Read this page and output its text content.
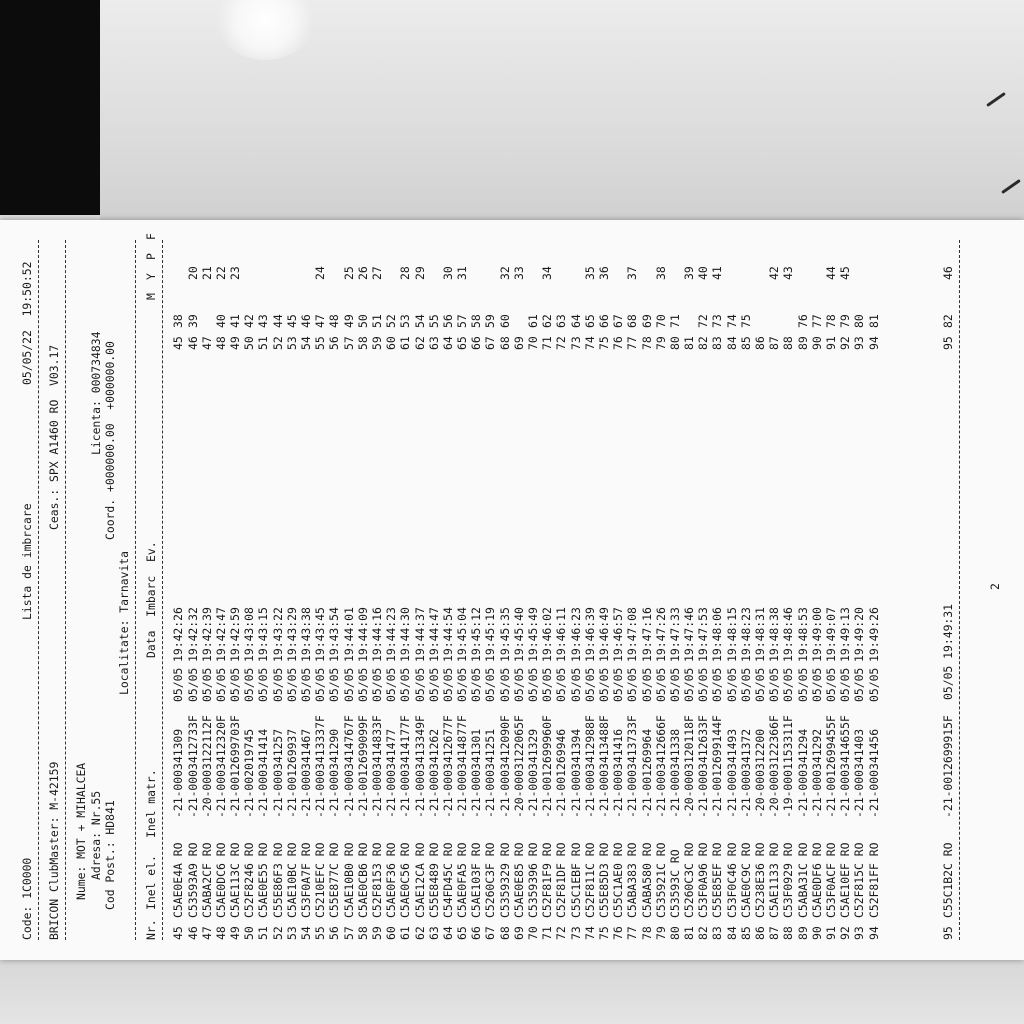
Code: 1C0000

Lista de imbrcare

05/05/22  19:50:52

BRICON ClubMaster: M-42159

Ceas.: SPX A1460 RO  V03.17

Nume: MOT + MIHALCEA

Adresa: Nr.55

Licenta: 000734834

Cod Post.: HD841

Coord. +000000.00  +000000.00

Localitate: Tarnavita

Nr.

Inel el.

Inel matr.

Data  Imbarc

Ev.

M

Y

P

F

45
C5AE0E4A RO
-21-000341309
05/05
19:42:26
45
38
46
C53593A9 RO
-21-0003412733F
05/05
19:42:32
46
39
20
47
C5ABA2CF RO
-20-0003122112F
05/05
19:42:39
47
21
48
C5AE0DC6 RO
-21-0003412320F
05/05
19:42:47
48
40
22
49
C5AE113C RO
-21-0012699703F
05/05
19:42:59
49
41
23
50
C52F8246 RO
-21-002019745
05/05
19:43:08
50
42
51
C5AE0E55 RO
-21-000341414
05/05
19:43:15
51
43
52
C55E86F3 RO
-21-000341257
05/05
19:43:22
52
44
53
C5AE10BC RO
-21-001269937
05/05
19:43:29
53
45
54
C53F0A7F RO
-21-000341467
05/05
19:43:38
54
46
55
C5210EFC RO
-21-0003413337F
05/05
19:43:45
55
47
24
56
C55E877C RO
-21-000341290
05/05
19:43:54
56
48
57
C5AE10B0 RO
-21-0003414767F
05/05
19:44:01
57
49
25
58
C5AE0CB6 RO
-21-0012699099F
05/05
19:44:09
58
50
26
59
C52F8153 RO
-21-0003414833F
05/05
19:44:16
59
51
27
60
C5AE0F36 RO
-21-000341477
05/05
19:44:23
60
52
61
C5AE0C56 RO
-21-0003414177F
05/05
19:44:30
61
53
28
62
C5AE12CA RO
-21-0003413349F
05/05
19:44:37
62
54
29
63
C55E8489 RO
-21-000341262
05/05
19:44:47
63
55
64
C54FD45C RO
-21-0003412677F
05/05
19:44:54
64
56
30
65
C5AE0FA5 RO
-21-0003414877F
05/05
19:45:04
65
57
31
66
C5AE103F RO
-21-000341301
05/05
19:45:12
66
58
67
C5260C3F RO
-21-000341251
05/05
19:45:19
67
59
68
C5359329 RO
-21-0003412090F
05/05
19:45:35
68
60
32
69
C5AE0E85 RO
-20-0003122065F
05/05
19:45:40
69
33
70
C5359396 RO
-21-000341329
05/05
19:45:49
70
61
71
C52F81F9 RO
-21-0012699960F
05/05
19:46:02
71
62
34
72
C52F81DF RO
-21-001269946
05/05
19:46:11
72
63
73
C55C1EBF RO
-21-000341394
05/05
19:46:23
73
64
74
C52F811C RO
-21-0003412988F
05/05
19:46:39
74
65
35
75
C55E85D3 RO
-21-0003413488F
05/05
19:46:49
75
66
36
76
C55C1AE0 RO
-21-000341416
05/05
19:46:57
76
67
77
C5ABA383 RO
-21-0003413733F
05/05
19:47:08
77
68
37
78
C5ABA580 RO
-21-001269964
05/05
19:47:16
78
69
79
C535921C RO
-21-0003412666F
05/05
19:47:26
79
70
38
80
C53593C RO
-21-000341338
05/05
19:47:33
80
71
81
C5260C3C RO
-20-0003120118F
05/05
19:47:46
81
39
82
C53F0A96 RO
-21-0003412633F
05/05
19:47:53
82
72
40
83
C55E85EF RO
-21-0012699144F
05/05
19:48:06
83
73
41
84
C53F0C46 RO
-21-000341493
05/05
19:48:15
84
74
85
C5AE0C9C RO
-21-000341372
05/05
19:48:23
85
75
86
C5238E36 RO
-20-000312200
05/05
19:48:31
86
87
C5AE1133 RO
-20-0003122366F
05/05
19:48:38
87
42
88
C53F0929 RO
-19-0001153311F
05/05
19:48:46
88
43
89
C5ABA31C RO
-21-000341294
05/05
19:48:53
89
76
90
C5AE0DF6 RO
-21-000341292
05/05
19:49:00
90
77
91
C53F0ACF RO
-21-0012699455F
05/05
19:49:07
91
78
44
92
C5AE10EF RO
-21-0003414655F
05/05
19:49:13
92
79
45
93
C52F815C RO
-21-000341403
05/05
19:49:20
93
80
94
C52F81FF RO
-21-000341456
05/05
19:49:26
94
81

95

C55C1B2C RO

-21-0012699915F

05/05 19:49:31

95

82

46

2
